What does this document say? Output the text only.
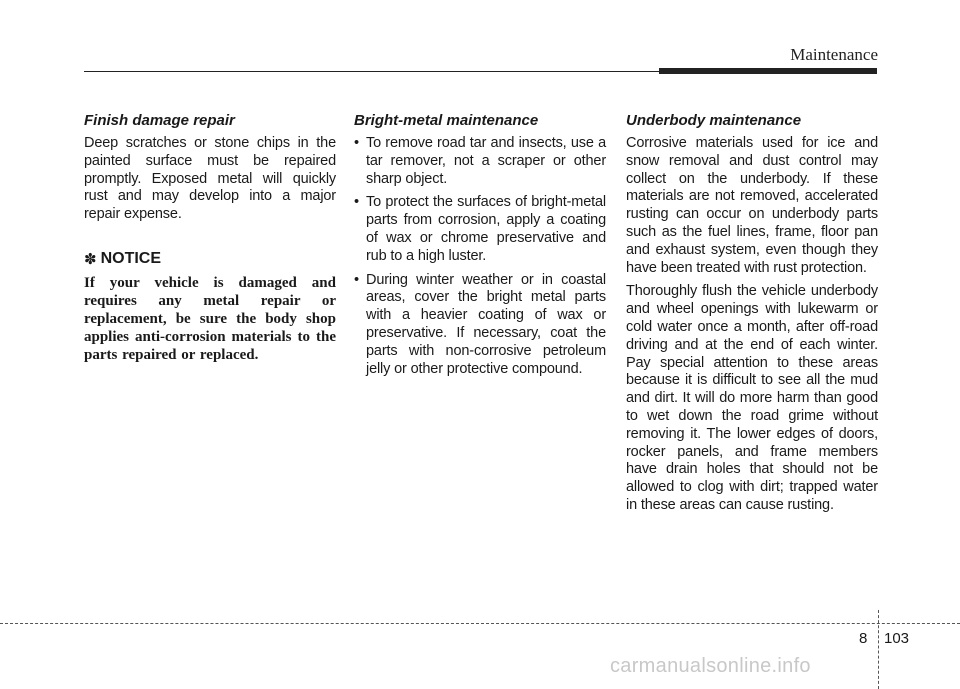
Maintenance
Finish damage repair

Deep scratches or stone chips in the painted surface must be repaired promptly. Exposed metal will quickly rust and may develop into a major repair expense.

✽ NOTICE

If your vehicle is damaged and requires any metal repair or replacement, be sure the body shop applies anti-corrosion materials to the parts repaired or replaced.

Bright-metal maintenance
• To remove road tar and insects, use a tar remover, not a scraper or other sharp object.
• To protect the surfaces of bright-metal parts from corrosion, apply a coating of wax or chrome preservative and rub to a high luster.
• During winter weather or in coastal areas, cover the bright metal parts with a heavier coating of wax or preservative. If necessary, coat the parts with non-corrosive petroleum jelly or other protective compound.
Underbody maintenance

Corrosive materials used for ice and snow removal and dust control may collect on the underbody. If these materials are not removed, accelerated rusting can occur on underbody parts such as the fuel lines, frame, floor pan and exhaust system, even though they have been treated with rust protection.

Thoroughly flush the vehicle underbody and wheel openings with lukewarm or cold water once a month, after off-road driving and at the end of each winter. Pay special attention to these areas because it is difficult to see all the mud and dirt. It will do more harm than good to wet down the road grime without removing it. The lower edges of doors, rocker panels, and frame members have drain holes that should not be allowed to clog with dirt; trapped water in these areas can cause rusting.

8 103
carmanualsonline.info
